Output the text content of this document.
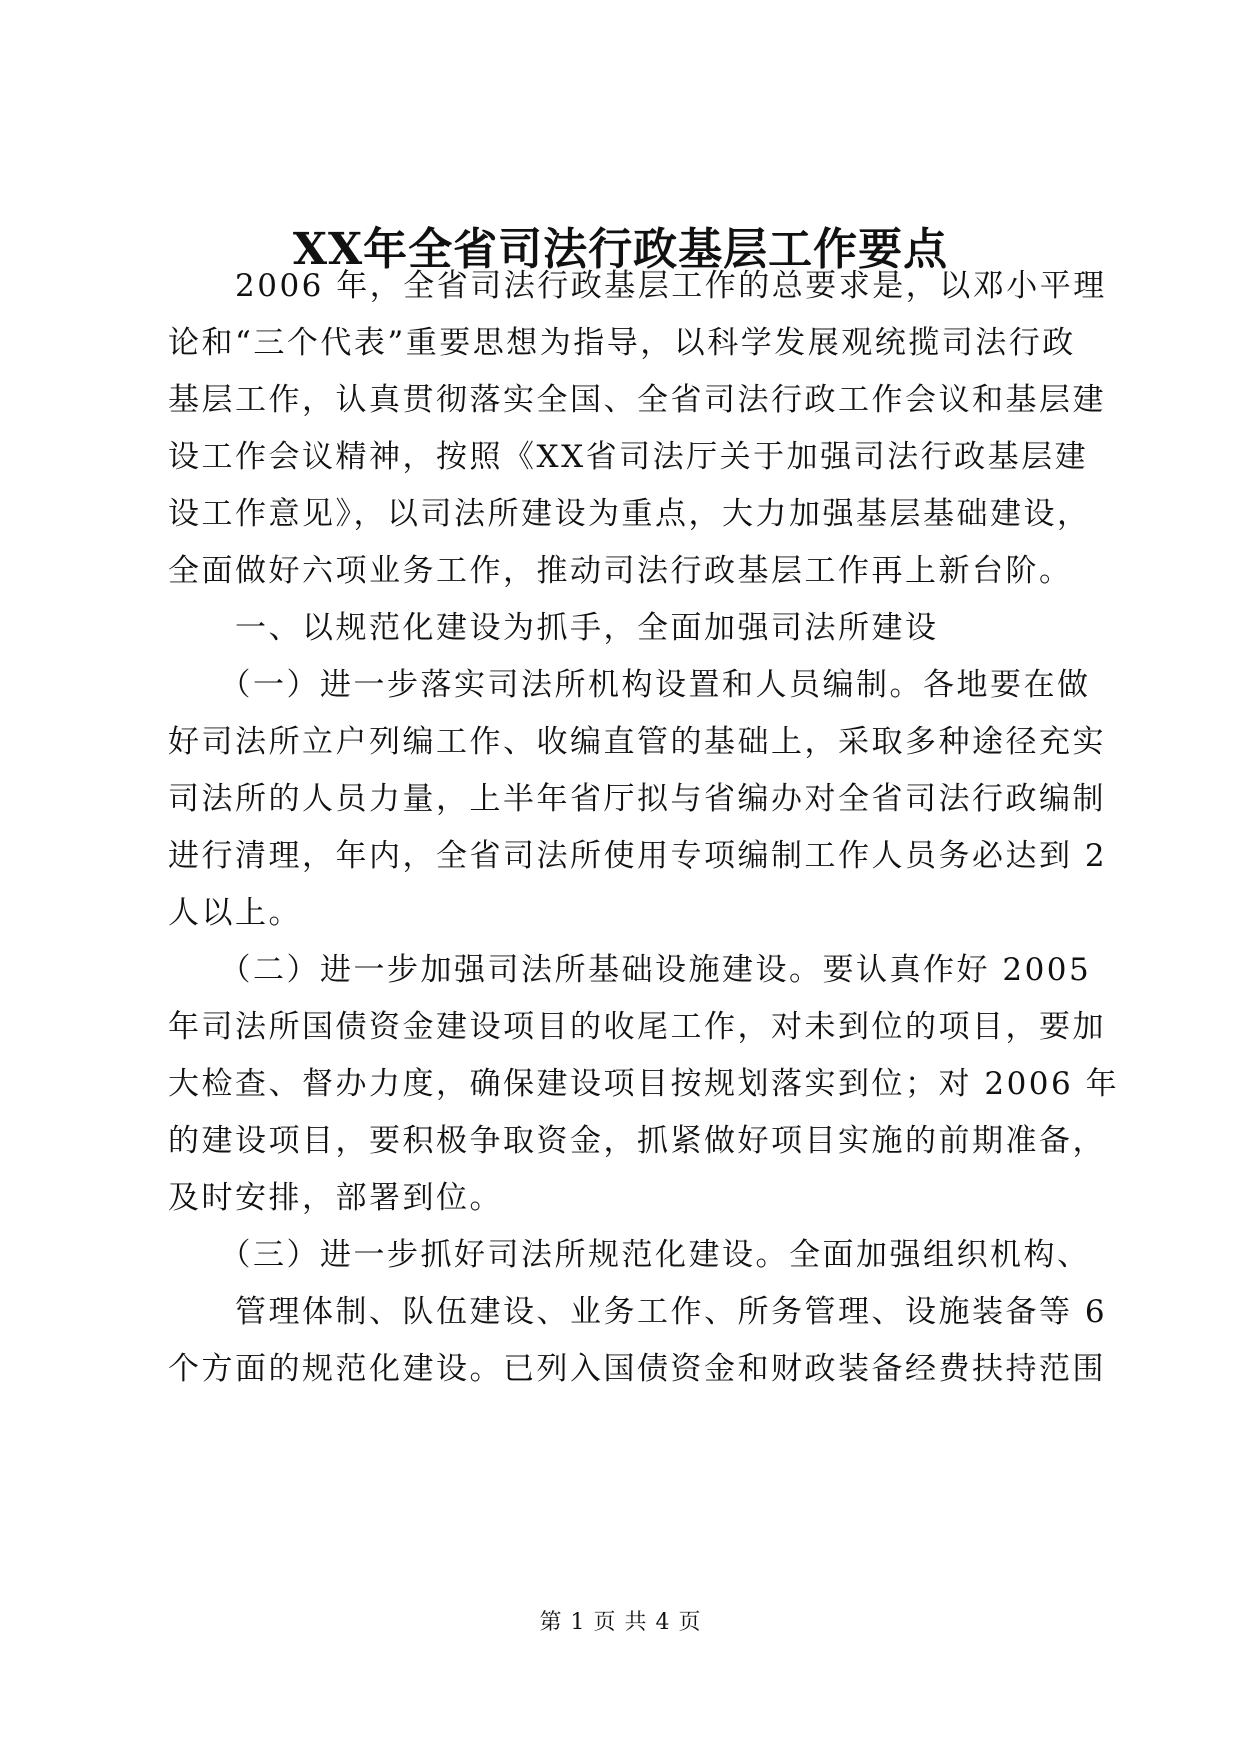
XX年全省司法行政基层工作要点
　　2006 年，全省司法行政基层工作的总要求是，以邓小平理
论和“三个代表”重要思想为指导，以科学发展观统揽司法行政
基层工作，认真贯彻落实全国、全省司法行政工作会议和基层建
设工作会议精神，按照《XX省司法厅关于加强司法行政基层建
设工作意见》，以司法所建设为重点，大力加强基层基础建设，
全面做好六项业务工作，推动司法行政基层工作再上新台阶。
　　一、以规范化建设为抓手，全面加强司法所建设
　　（一）进一步落实司法所机构设置和人员编制。各地要在做
好司法所立户列编工作、收编直管的基础上，采取多种途径充实
司法所的人员力量，上半年省厅拟与省编办对全省司法行政编制
进行清理，年内，全省司法所使用专项编制工作人员务必达到 2
人以上。
　　（二）进一步加强司法所基础设施建设。要认真作好 2005
年司法所国债资金建设项目的收尾工作，对未到位的项目，要加
大检查、督办力度，确保建设项目按规划落实到位；对 2006 年
的建设项目，要积极争取资金，抓紧做好项目实施的前期准备，
及时安排，部署到位。
　　（三）进一步抓好司法所规范化建设。全面加强组织机构、
　　管理体制、队伍建设、业务工作、所务管理、设施装备等 6
个方面的规范化建设。已列入国债资金和财政装备经费扶持范围
第 1 页 共 4 页
